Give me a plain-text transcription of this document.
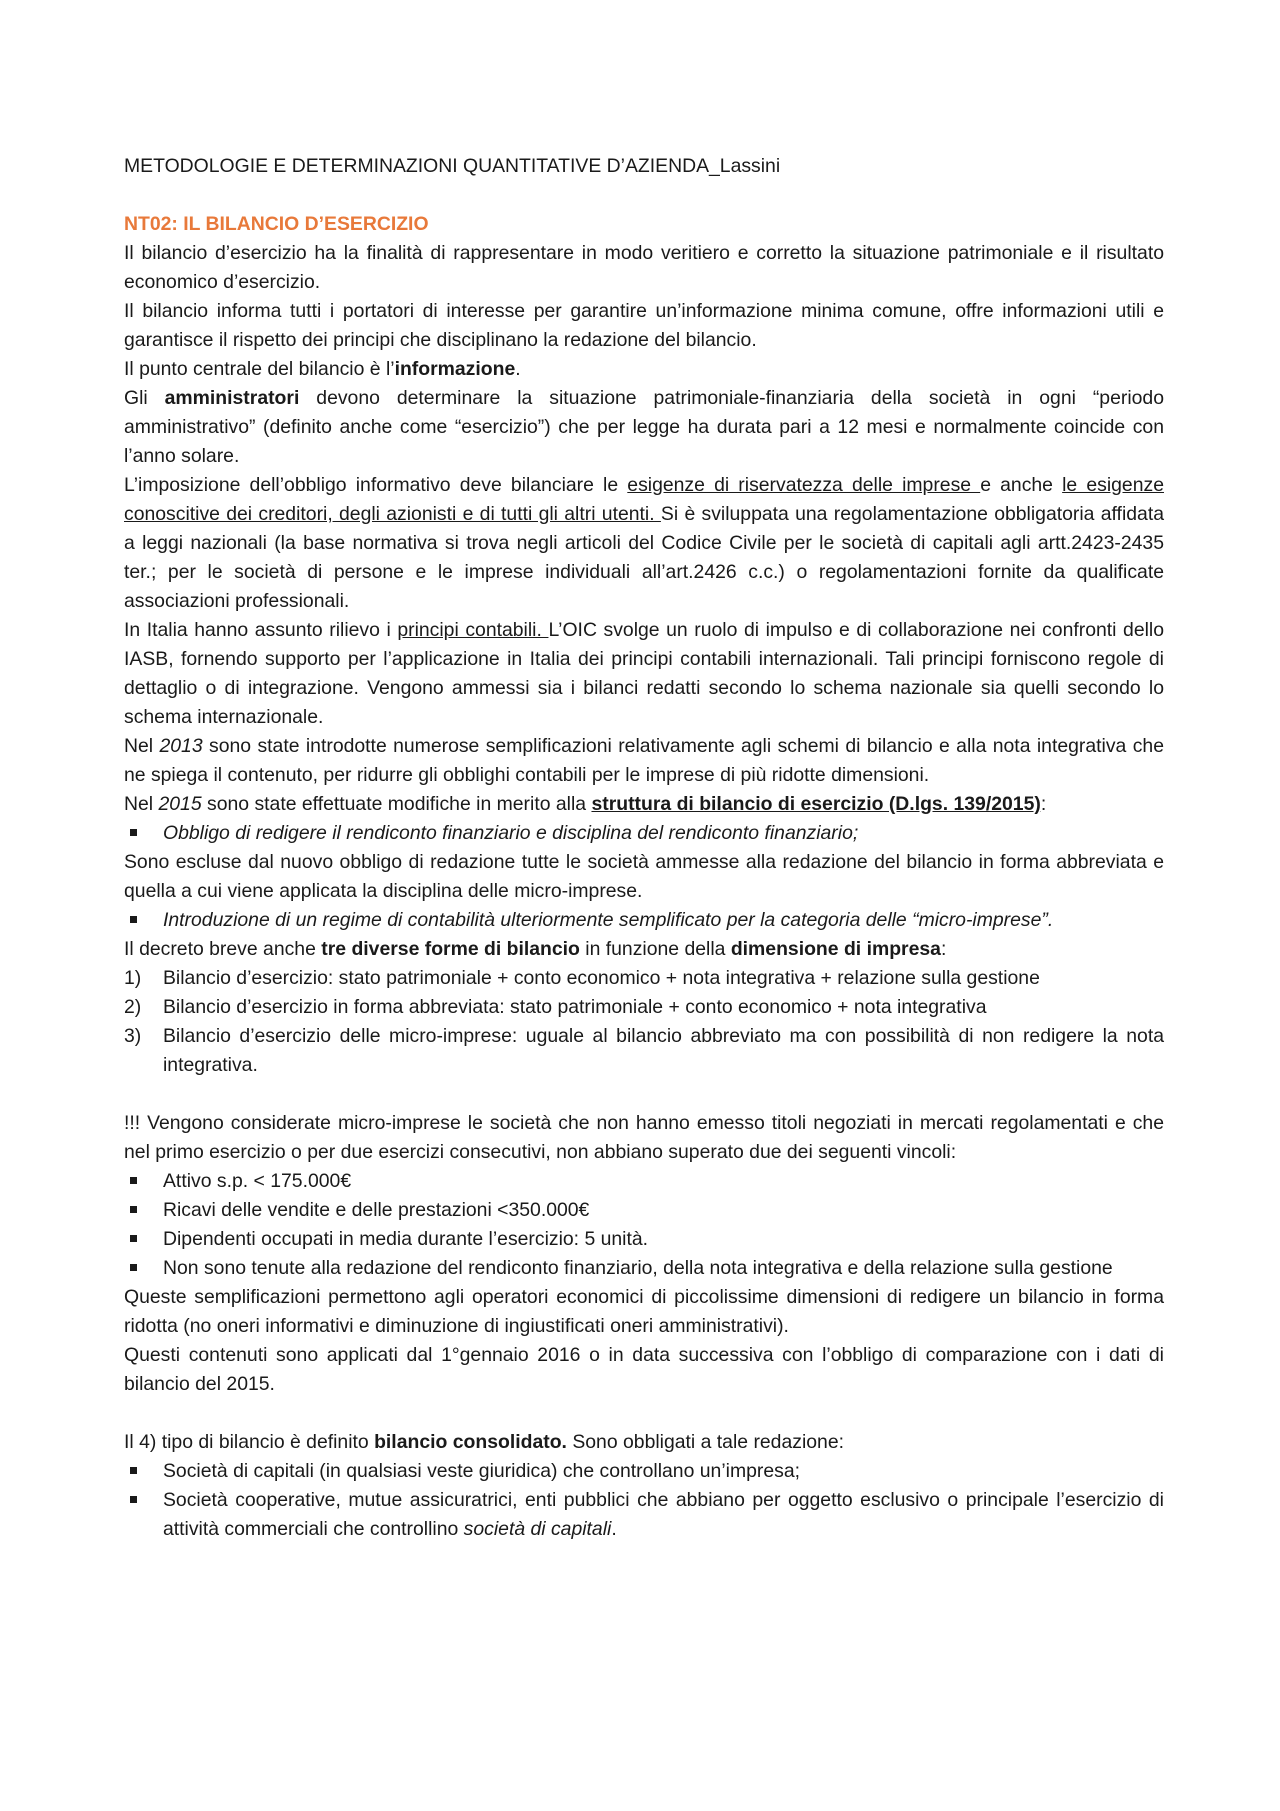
METODOLOGIE E DETERMINAZIONI QUANTITATIVE D’AZIENDA_Lassini

NT02: IL BILANCIO D’ESERCIZIO

Il bilancio d’esercizio ha la finalità di rappresentare in modo veritiero e corretto la situazione patrimoniale e il risultato economico d’esercizio.

Il bilancio informa tutti i portatori di interesse per garantire un’informazione minima comune, offre informazioni utili e garantisce il rispetto dei principi che disciplinano la redazione del bilancio.

Il punto centrale del bilancio è l’informazione.

Gli amministratori devono determinare la situazione patrimoniale-finanziaria della società in ogni “periodo amministrativo” (definito anche come “esercizio”) che per legge ha durata pari a 12 mesi e normalmente coincide con l’anno solare.

L’imposizione dell’obbligo informativo deve bilanciare le esigenze di riservatezza delle imprese e anche le esigenze conoscitive dei creditori, degli azionisti e di tutti gli altri utenti. Si è sviluppata una regolamentazione obbligatoria affidata a leggi nazionali (la base normativa si trova negli articoli del Codice Civile per le società di capitali agli artt.2423-2435 ter.; per le società di persone e le imprese individuali all’art.2426 c.c.) o regolamentazioni fornite da qualificate associazioni professionali.

In Italia hanno assunto rilievo i principi contabili. L’OIC svolge un ruolo di impulso e di collaborazione nei confronti dello IASB, fornendo supporto per l’applicazione in Italia dei principi contabili internazionali. Tali principi forniscono regole di dettaglio o di integrazione. Vengono ammessi sia i bilanci redatti secondo lo schema nazionale sia quelli secondo lo schema internazionale.

Nel 2013 sono state introdotte numerose semplificazioni relativamente agli schemi di bilancio e alla nota integrativa che ne spiega il contenuto, per ridurre gli obblighi contabili per le imprese di più ridotte dimensioni.

Nel 2015 sono state effettuate modifiche in merito alla struttura di bilancio di esercizio (D.lgs. 139/2015):

Obbligo di redigere il rendiconto finanziario e disciplina del rendiconto finanziario;

Sono escluse dal nuovo obbligo di redazione tutte le società ammesse alla redazione del bilancio in forma abbreviata e quella a cui viene applicata la disciplina delle micro-imprese.

Introduzione di un regime di contabilità ulteriormente semplificato per la categoria delle “micro-imprese”.

Il decreto breve anche tre diverse forme di bilancio in funzione della dimensione di impresa:

1) Bilancio d’esercizio: stato patrimoniale + conto economico + nota integrativa + relazione sulla gestione
2) Bilancio d’esercizio in forma abbreviata: stato patrimoniale + conto economico + nota integrativa
3) Bilancio d’esercizio delle micro-imprese: uguale al bilancio abbreviato ma con possibilità di non redigere la nota integrativa.

!!! Vengono considerate micro-imprese le società che non hanno emesso titoli negoziati in mercati regolamentati e che nel primo esercizio o per due esercizi consecutivi, non abbiano superato due dei seguenti vincoli:

Attivo s.p. < 175.000€
Ricavi delle vendite e delle prestazioni <350.000€
Dipendenti occupati in media durante l’esercizio: 5 unità.
Non sono tenute alla redazione del rendiconto finanziario, della nota integrativa e della relazione sulla gestione

Queste semplificazioni permettono agli operatori economici di piccolissime dimensioni di redigere un bilancio in forma ridotta (no oneri informativi e diminuzione di ingiustificati oneri amministrativi).

Questi contenuti sono applicati dal 1°gennaio 2016 o in data successiva con l’obbligo di comparazione con i dati di bilancio del 2015.

Il 4) tipo di bilancio è definito bilancio consolidato. Sono obbligati a tale redazione:

Società di capitali (in qualsiasi veste giuridica) che controllano un’impresa;
Società cooperative, mutue assicuratrici, enti pubblici che abbiano per oggetto esclusivo o principale l’esercizio di attività commerciali che controllino società di capitali.
